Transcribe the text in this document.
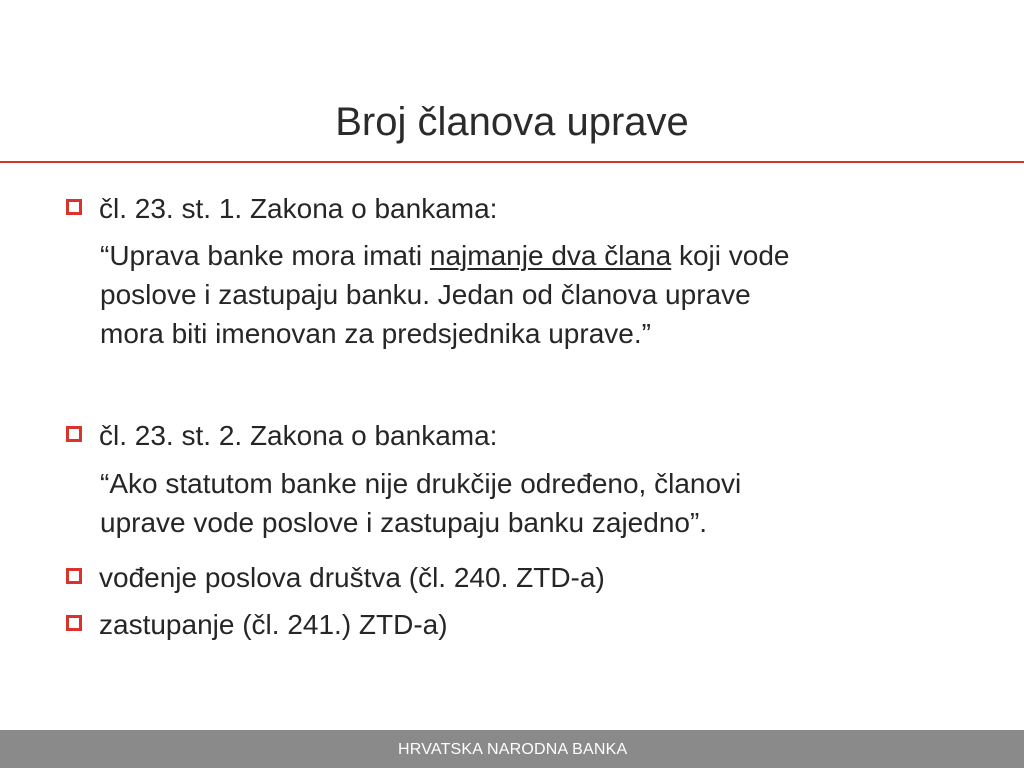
Broj članova uprave
čl. 23. st. 1. Zakona o bankama:
“Uprava banke mora imati najmanje dva člana koji vode
poslove i zastupaju banku. Jedan od članova uprave
mora biti imenovan za predsjednika uprave.”
čl. 23. st. 2. Zakona o bankama:
“Ako statutom banke nije drukčije određeno, članovi
uprave vode poslove i zastupaju banku zajedno”.
vođenje poslova društva (čl. 240. ZTD-a)
zastupanje (čl. 241.) ZTD-a)
HRVATSKA NARODNA BANKA
